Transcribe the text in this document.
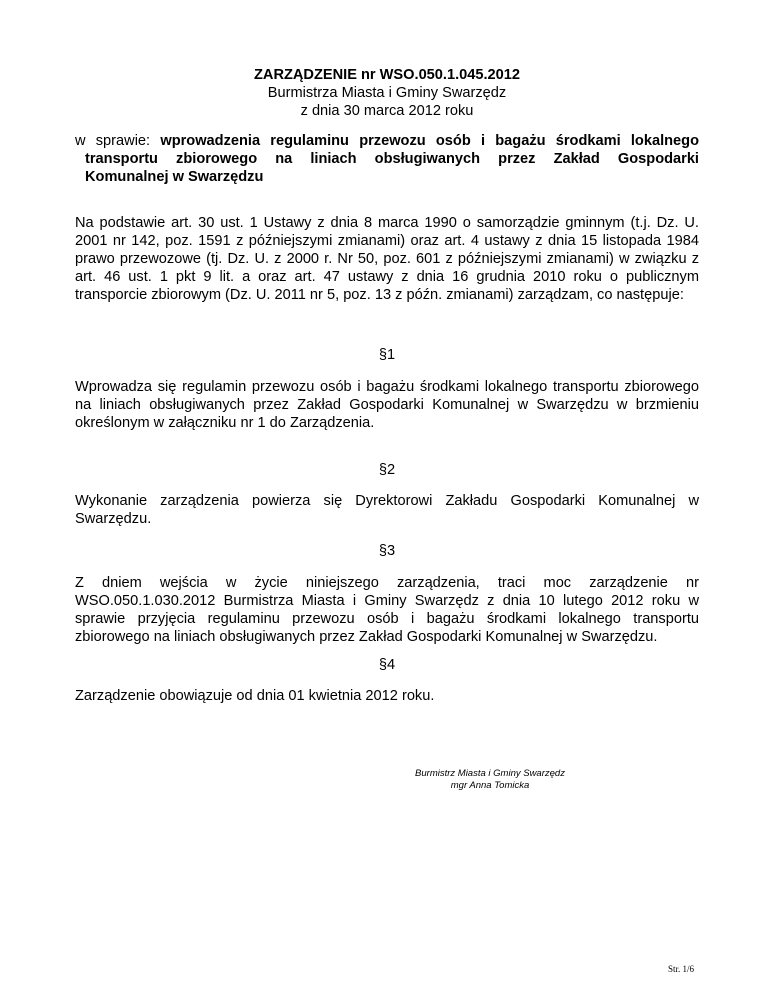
ZARZĄDZENIE nr WSO.050.1.045.2012
Burmistrza Miasta i Gminy Swarzędz
z dnia 30 marca 2012 roku
w sprawie: wprowadzenia regulaminu przewozu osób i bagażu środkami lokalnego
transportu zbiorowego na liniach obsługiwanych przez Zakład Gospodarki
Komunalnej w Swarzędzu
Na podstawie art. 30 ust. 1 Ustawy z dnia 8 marca 1990 o samorządzie gminnym (t.j. Dz. U. 2001 nr 142, poz. 1591 z późniejszymi zmianami) oraz art. 4 ustawy z dnia 15 listopada 1984 prawo przewozowe (tj. Dz. U. z 2000 r. Nr 50, poz. 601 z późniejszymi zmianami) w związku z art. 46 ust. 1 pkt 9 lit. a oraz art. 47 ustawy z dnia 16 grudnia 2010 roku o publicznym transporcie zbiorowym (Dz. U. 2011 nr 5, poz. 13 z późn. zmianami) zarządzam, co następuje:
§1
Wprowadza się regulamin przewozu osób i bagażu środkami lokalnego transportu zbiorowego na liniach obsługiwanych przez Zakład Gospodarki Komunalnej w Swarzędzu w brzmieniu określonym w załączniku nr 1 do Zarządzenia.
§2
Wykonanie zarządzenia powierza się Dyrektorowi Zakładu Gospodarki Komunalnej w Swarzędzu.
§3
Z dniem wejścia w życie niniejszego zarządzenia, traci moc zarządzenie nr WSO.050.1.030.2012 Burmistrza Miasta i Gminy Swarzędz z dnia 10 lutego 2012 roku w sprawie przyjęcia regulaminu przewozu osób i bagażu środkami lokalnego transportu zbiorowego na liniach obsługiwanych przez Zakład Gospodarki Komunalnej w Swarzędzu.
§4
Zarządzenie obowiązuje od dnia 01 kwietnia 2012 roku.
Burmistrz Miasta i Gminy Swarzędz
mgr Anna Tomicka
Str. 1/6
